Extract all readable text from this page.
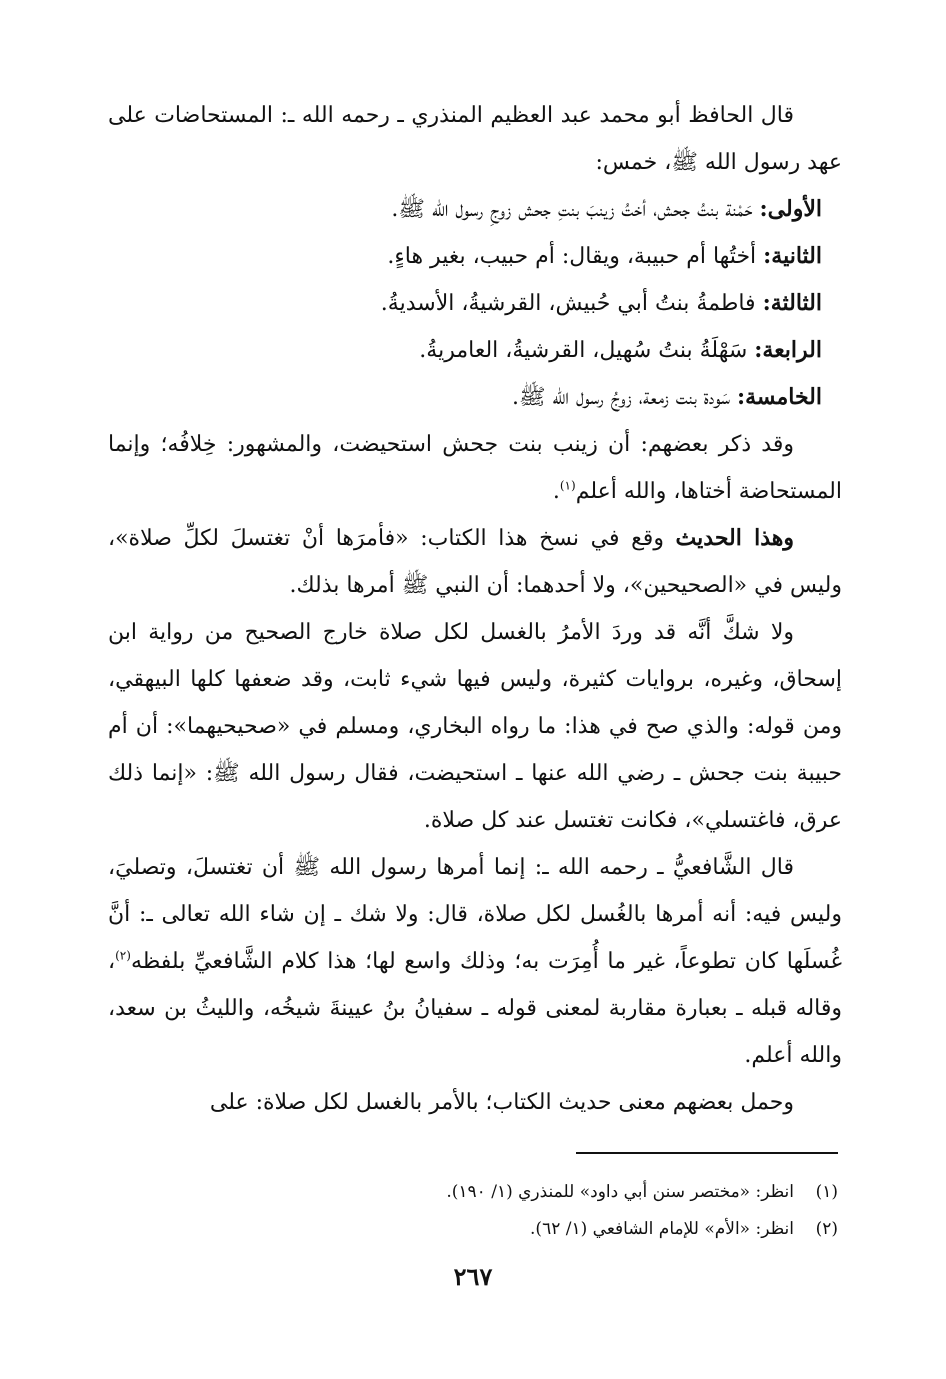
قال الحافظ أبو محمد عبد العظيم المنذري ـ رحمه الله ـ: المستحاضات على عهد رسول الله ﷺ، خمس:

الأولى: حَمْنة بنتُ جحش، أختُ زينبَ بنتِ جحش زوجِ رسول الله ﷺ.

الثانية: أختُها أم حبيبة، ويقال: أم حبيب، بغير هاءٍ.

الثالثة: فاطمةُ بنتُ أبي حُبيش، القرشيةُ، الأسديةُ.

الرابعة: سَهْلَةُ بنتُ سُهيل، القرشيةُ، العامريةُ.

الخامسة: سَودة بنت زمعة، زوجُ رسول الله ﷺ.

وقد ذكر بعضهم: أن زينب بنت جحش استحيضت، والمشهور: خِلافُه؛ وإنما المستحاضة أختاها، والله أعلم$^{(١)}$.

وهذا الحديث وقع في نسخ هذا الكتاب: «فأمرَها أنْ تغتسلَ لكلِّ صلاة»، وليس في «الصحيحين»، ولا أحدهما: أن النبي ﷺ أمرها بذلك.

ولا شكَّ أنَّه قد وردَ الأمرُ بالغسل لكل صلاة خارج الصحيح من رواية ابن إسحاق، وغيره، بروايات كثيرة، وليس فيها شيء ثابت، وقد ضعفها كلها البيهقي، ومن قوله: والذي صح في هذا: ما رواه البخاري، ومسلم في «صحيحيهما»: أن أم حبيبة بنت جحش ـ رضي الله عنها ـ استحيضت، فقال رسول الله ﷺ: «إنما ذلك عرق، فاغتسلي»، فكانت تغتسل عند كل صلاة.

قال الشَّافعيُّ ـ رحمه الله ـ: إنما أمرها رسول الله ﷺ أن تغتسلَ، وتصليَ، وليس فيه: أنه أمرها بالغُسل لكل صلاة، قال: ولا شك ـ إن شاء الله تعالى ـ: أنَّ غُسلَها كان تطوعاً، غير ما أُمِرَت به؛ وذلك واسع لها؛ هذا كلام الشَّافعيِّ بلفظه$^{(٢)}$، وقاله قبله ـ بعبارة مقاربة لمعنى قوله ـ سفيانُ بنُ عيينةَ شيخُه، والليثُ بن سعد، والله أعلم.

وحمل بعضهم معنى حديث الكتاب؛ بالأمر بالغسل لكل صلاة: على

(١)انظر: «مختصر سنن أبي داود» للمنذري (١/ ١٩٠).

(٢)انظر: «الأم» للإمام الشافعي (١/ ٦٢).

٢٦٧
